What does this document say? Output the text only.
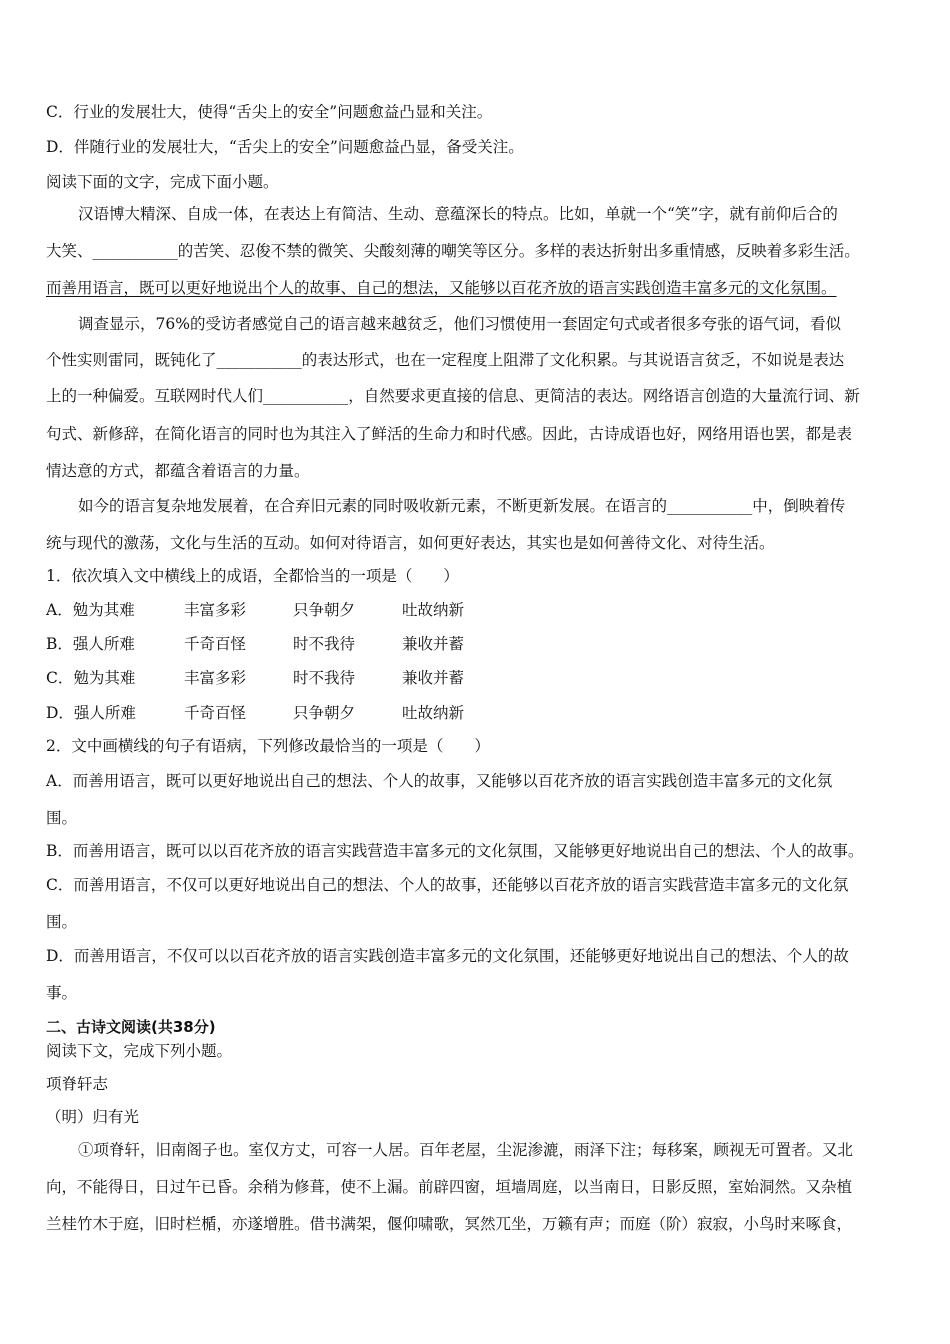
C．行业的发展壮大，使得“舌尖上的安全”问题愈益凸显和关注。
D．伴随行业的发展壮大，“舌尖上的安全”问题愈益凸显，备受关注。
阅读下面的文字，完成下面小题。
汉语博大精深、自成一体，在表达上有简洁、生动、意蕴深长的特点。比如，单就一个“笑”字，就有前仰后合的
大笑、___________的苦笑、忍俊不禁的微笑、尖酸刻薄的嘲笑等区分。多样的表达折射出多重情感，反映着多彩生活。
而善用语言，既可以更好地说出个人的故事、自己的想法，又能够以百花齐放的语言实践创造丰富多元的文化氛围。
调查显示，76%的受访者感觉自己的语言越来越贫乏，他们习惯使用一套固定句式或者很多夸张的语气词，看似
个性实则雷同，既钝化了___________的表达形式，也在一定程度上阻滞了文化积累。与其说语言贫乏，不如说是表达
上的一种偏爱。互联网时代人们___________，自然要求更直接的信息、更简洁的表达。网络语言创造的大量流行词、新
句式、新修辞，在简化语言的同时也为其注入了鲜活的生命力和时代感。因此，古诗成语也好，网络用语也罢，都是表
情达意的方式，都蕴含着语言的力量。
如今的语言复杂地发展着，在合弃旧元素的同时吸收新元素，不断更新发展。在语言的___________中，倒映着传
统与现代的激荡，文化与生活的互动。如何对待语言，如何更好表达，其实也是如何善待文化、对待生活。
1．依次填入文中横线上的成语，全都恰当的一项是（　　）
A．勉为其难	丰富多彩	只争朝夕	吐故纳新
B．强人所难	千奇百怪	时不我待	兼收并蓄
C．勉为其难	丰富多彩	时不我待	兼收并蓄
D．强人所难	千奇百怪	只争朝夕	吐故纳新
2．文中画横线的句子有语病，下列修改最恰当的一项是（　　）
A．而善用语言，既可以更好地说出自己的想法、个人的故事，又能够以百花齐放的语言实践创造丰富多元的文化氛
围。
B．而善用语言，既可以以百花齐放的语言实践营造丰富多元的文化氛围，又能够更好地说出自己的想法、个人的故事。
C．而善用语言，不仅可以更好地说出自己的想法、个人的故事，还能够以百花齐放的语言实践营造丰富多元的文化氛
围。
D．而善用语言，不仅可以以百花齐放的语言实践创造丰富多元的文化氛围，还能够更好地说出自己的想法、个人的故
事。
二、古诗文阅读(共38分)
阅读下文，完成下列小题。
项脊轩志
（明）归有光
①项脊轩，旧南阁子也。室仅方丈，可容一人居。百年老屋，尘泥渗漉，雨泽下注；每移案，顾视无可置者。又北
向，不能得日，日过午已昏。余稍为修葺，使不上漏。前辟四窗，垣墙周庭，以当南日，日影反照，室始洞然。又杂植
兰桂竹木于庭，旧时栏楯，亦遂增胜。借书满架，偃仰啸歌，冥然兀坐，万籁有声；而庭（阶）寂寂，小鸟时来啄食，
